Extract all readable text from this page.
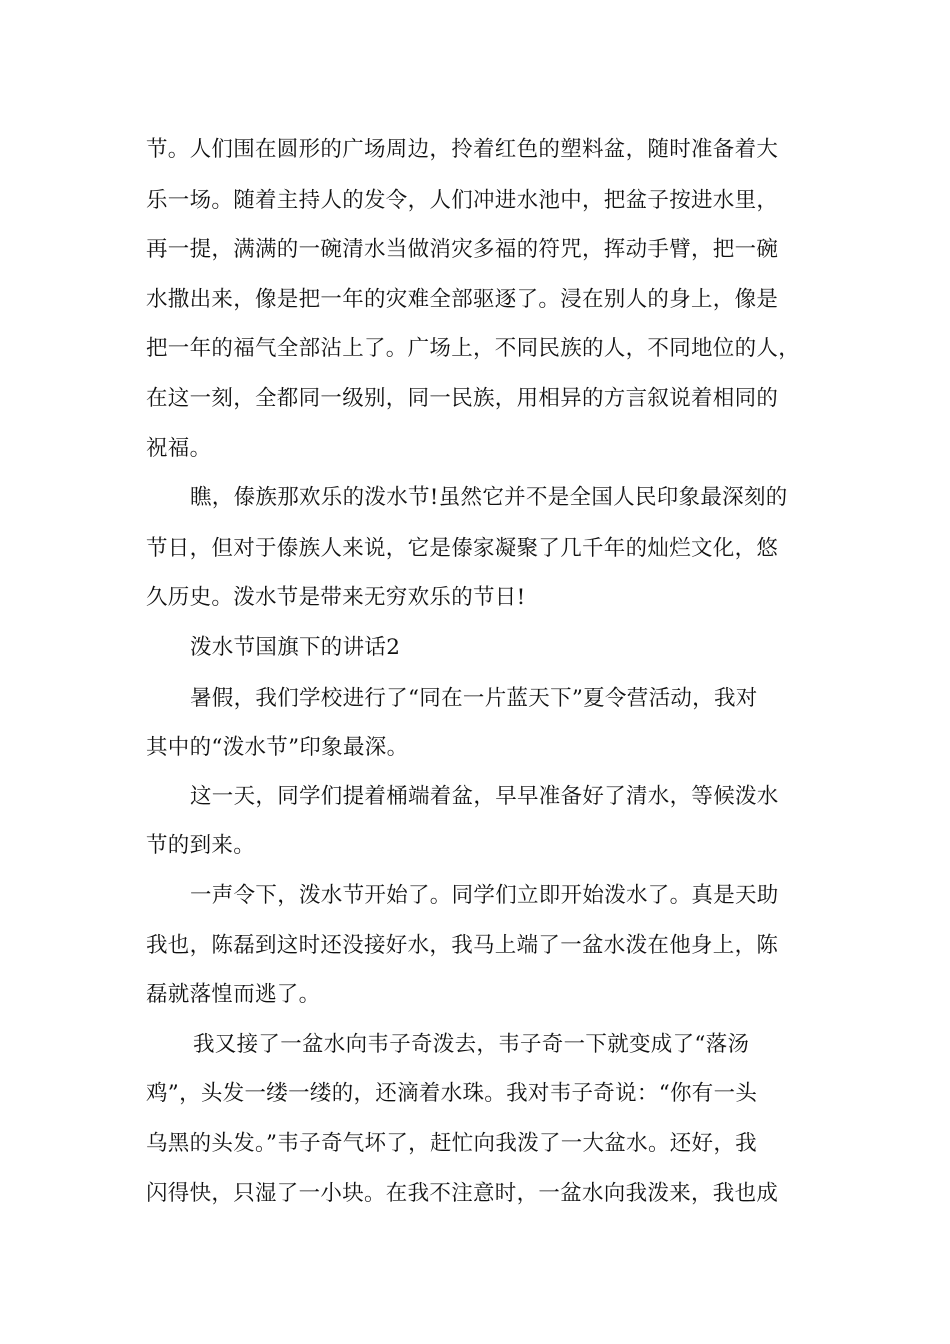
节。人们围在圆形的广场周边，拎着红色的塑料盆，随时准备着大
乐一场。随着主持人的发令，人们冲进水池中，把盆子按进水里，
再一提，满满的一碗清水当做消灾多福的符咒，挥动手臂，把一碗
水撒出来，像是把一年的灾难全部驱逐了。浸在别人的身上，像是
把一年的福气全部沾上了。广场上，不同民族的人，不同地位的人，
在这一刻，全都同一级别，同一民族，用相异的方言叙说着相同的
祝福。
瞧，傣族那欢乐的泼水节!虽然它并不是全国人民印象最深刻的
节日，但对于傣族人来说，它是傣家凝聚了几千年的灿烂文化，悠
久历史。泼水节是带来无穷欢乐的节日!
泼水节国旗下的讲话2
暑假，我们学校进行了“同在一片蓝天下”夏令营活动，我对
其中的“泼水节”印象最深。
这一天，同学们提着桶端着盆，早早准备好了清水，等候泼水
节的到来。
一声令下，泼水节开始了。同学们立即开始泼水了。真是天助
我也，陈磊到这时还没接好水，我马上端了一盆水泼在他身上，陈
磊就落惶而逃了。
我又接了一盆水向韦子奇泼去，韦子奇一下就变成了“落汤
鸡”，头发一缕一缕的，还滴着水珠。我对韦子奇说：“你有一头
乌黑的头发。”韦子奇气坏了，赶忙向我泼了一大盆水。还好，我
闪得快，只湿了一小块。在我不注意时，一盆水向我泼来，我也成
